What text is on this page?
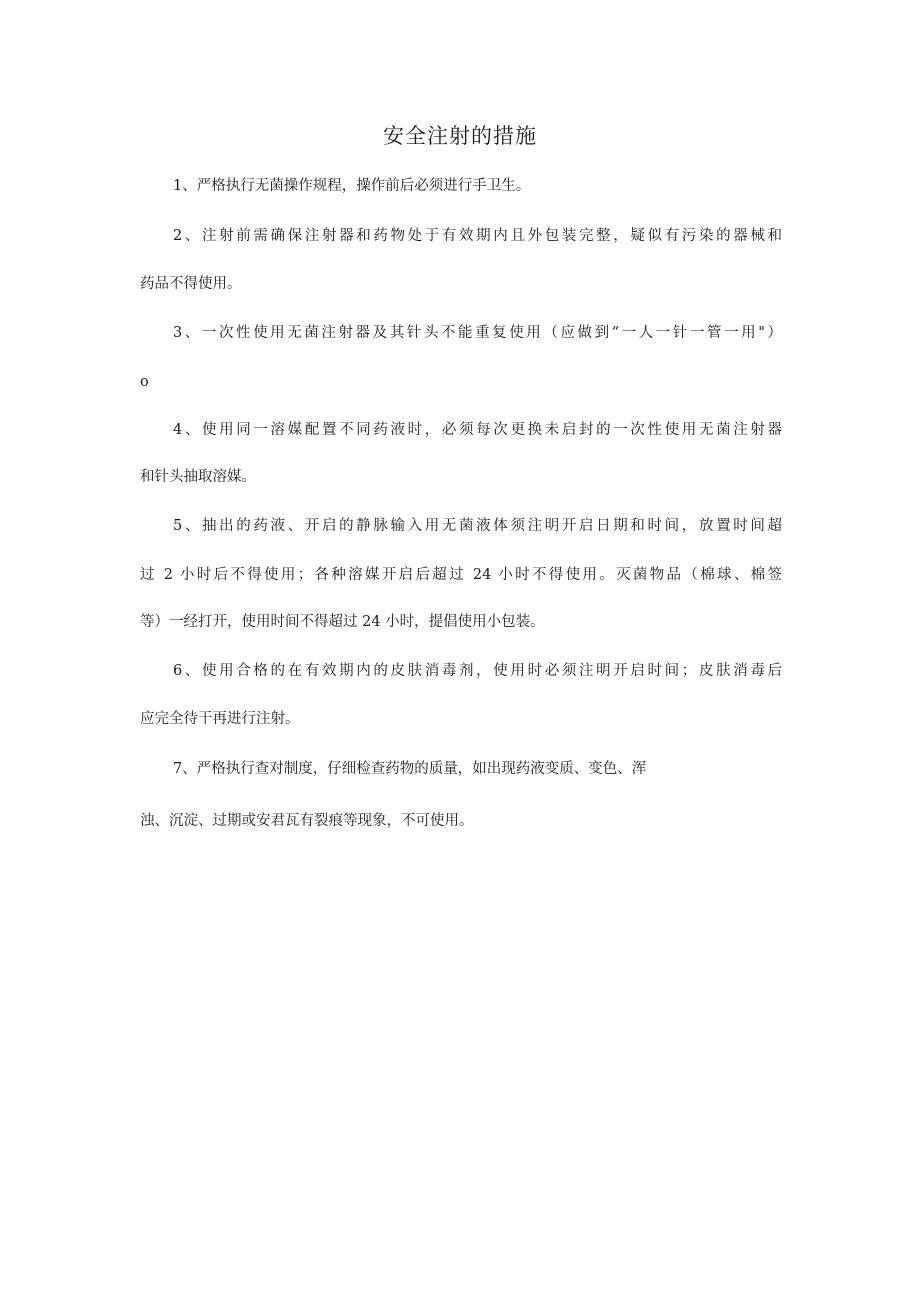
安全注射的措施

1、严格执行无菌操作规程，操作前后必须进行手卫生。

2、注射前需确保注射器和药物处于有效期内且外包装完整，疑似有污染的器械和

药品不得使用。

3、一次性使用无菌注射器及其针头不能重复使用（应做到“一人一针一管一用"）

o

4、使用同一溶媒配置不同药液时，必须每次更换未启封的一次性使用无菌注射器

和针头抽取溶媒。

5、抽出的药液、开启的静脉输入用无菌液体须注明开启日期和时间，放置时间超

过 2 小时后不得使用；各种溶媒开启后超过 24 小时不得使用。灭菌物品（棉球、棉签

等）一经打开，使用时间不得超过 24 小时，提倡使用小包装。

6、使用合格的在有效期内的皮肤消毒剂，使用时必须注明开启时间；皮肤消毒后

应完全待干再进行注射。

7、严格执行查对制度，仔细检查药物的质量，如出现药液变质、变色、浑

浊、沉淀、过期或安君瓦有裂痕等现象，不可使用。
